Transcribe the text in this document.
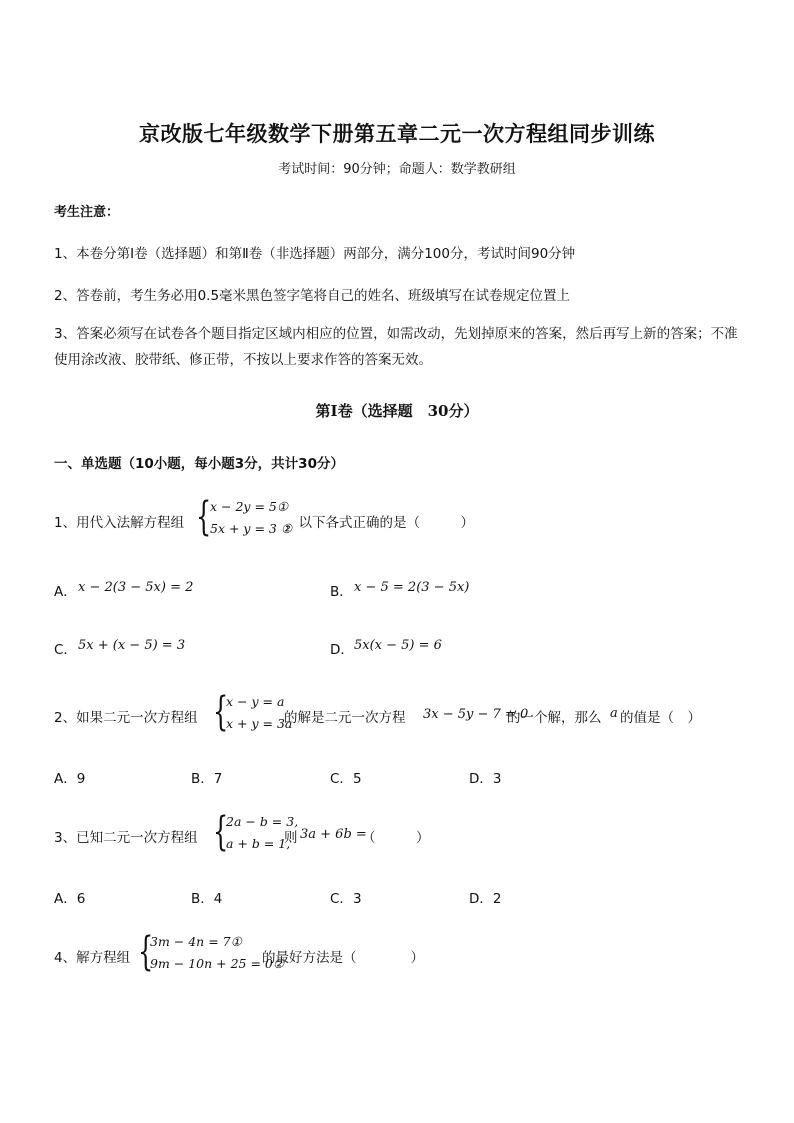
京改版七年级数学下册第五章二元一次方程组同步训练
考试时间：90分钟；命题人：数学教研组
考生注意：
1、本卷分第Ⅰ卷（选择题）和第Ⅱ卷（非选择题）两部分，满分100分，考试时间90分钟
2、答卷前，考生务必用0.5毫米黑色签字笔将自己的姓名、班级填写在试卷规定位置上
3、答案必须写在试卷各个题目指定区域内相应的位置，如需改动，先划掉原来的答案，然后再写上新的答案；不准使用涂改液、胶带纸、修正带，不按以上要求作答的答案无效。
第Ⅰ卷（选择题　30分）
一、单选题（10小题，每小题3分，共计30分）
1、用代入法解方程组 {
x − 2y = 5①
5x + y = 3 ②
，以下各式正确的是（　　　）
A． x − 2(3 − 5x) = 2	B． x − 5 = 2(3 − 5x)
C． 5x + (x − 5) = 3	D． 5x(x − 5) = 6
2、如果二元一次方程组 {
x − y = a
x + y = 3a
的解是二元一次方程 3x − 5y − 7 = 0
的一个解，那么 a 的值是（　）
A．9	B．7	C．5	D．3
3、已知二元一次方程组 {
2a − b = 3,
a + b = 1,
则 3a + 6b =
（　　　）
A．6	B．4	C．3	D．2
4、解方程组 {
3m − 4n = 7①
9m − 10n + 25 = 0②
的最好方法是（　　　　）
